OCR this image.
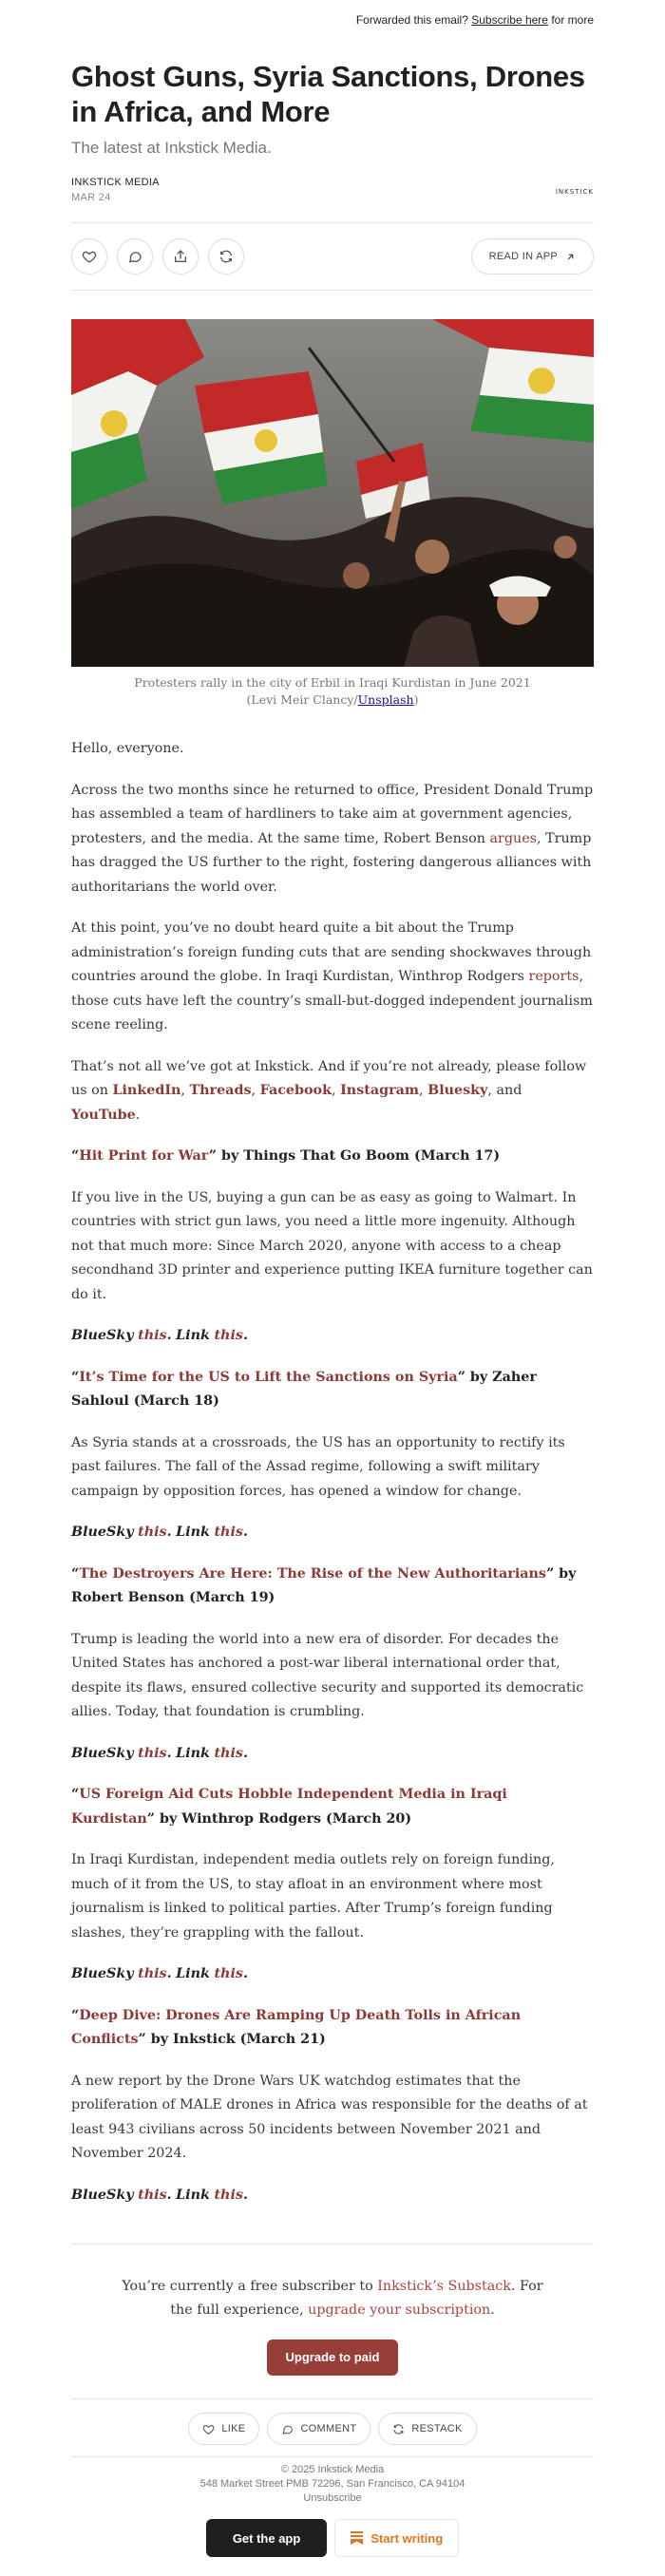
Forwarded this email? Subscribe here for more
Ghost Guns, Syria Sanctions, Drones in Africa, and More
The latest at Inkstick Media.
INKSTICK MEDIA
MAR 24	INKSTICK
READ IN APP
Protesters rally in the city of Erbil in Iraqi Kurdistan in June 2021
(Levi Meir Clancy/Unsplash)

Hello, everyone.

Across the two months since he returned to office, President Donald Trump has assembled a team of hardliners to take aim at government agencies, protesters, and the media. At the same time, Robert Benson argues, Trump has dragged the US further to the right, fostering dangerous alliances with authoritarians the world over.

At this point, you’ve no doubt heard quite a bit about the Trump administration’s foreign funding cuts that are sending shockwaves through countries around the globe. In Iraqi Kurdistan, Winthrop Rodgers reports, those cuts have left the country’s small-but-dogged independent journalism scene reeling.

That’s not all we’ve got at Inkstick. And if you’re not already, please follow us on LinkedIn, Threads, Facebook, Instagram, Bluesky, and YouTube.

“Hit Print for War” by Things That Go Boom (March 17)

If you live in the US, buying a gun can be as easy as going to Walmart. In countries with strict gun laws, you need a little more ingenuity. Although not that much more: Since March 2020, anyone with access to a cheap secondhand 3D printer and experience putting IKEA furniture together can do it.

BlueSky this. Link this.

“It’s Time for the US to Lift the Sanctions on Syria” by Zaher Sahloul (March 18)

As Syria stands at a crossroads, the US has an opportunity to rectify its past failures. The fall of the Assad regime, following a swift military campaign by opposition forces, has opened a window for change.

BlueSky this. Link this.

“The Destroyers Are Here: The Rise of the New Authoritarians” by Robert Benson (March 19)

Trump is leading the world into a new era of disorder. For decades the United States has anchored a post-war liberal international order that, despite its flaws, ensured collective security and supported its democratic allies. Today, that foundation is crumbling.

BlueSky this. Link this.

“US Foreign Aid Cuts Hobble Independent Media in Iraqi Kurdistan” by Winthrop Rodgers (March 20)

In Iraqi Kurdistan, independent media outlets rely on foreign funding, much of it from the US, to stay afloat in an environment where most journalism is linked to political parties. After Trump’s foreign funding slashes, they’re grappling with the fallout.

BlueSky this. Link this.

“Deep Dive: Drones Are Ramping Up Death Tolls in African Conflicts” by Inkstick (March 21)

A new report by the Drone Wars UK watchdog estimates that the proliferation of MALE drones in Africa was responsible for the deaths of at least 943 civilians across 50 incidents between November 2021 and November 2024.

BlueSky this. Link this.

You’re currently a free subscriber to Inkstick’s Substack. For the full experience, upgrade your subscription.
Upgrade to paid
LIKE	COMMENT	RESTACK
© 2025 Inkstick Media
548 Market Street PMB 72296, San Francisco, CA 94104
Unsubscribe
Get the app	Start writing
